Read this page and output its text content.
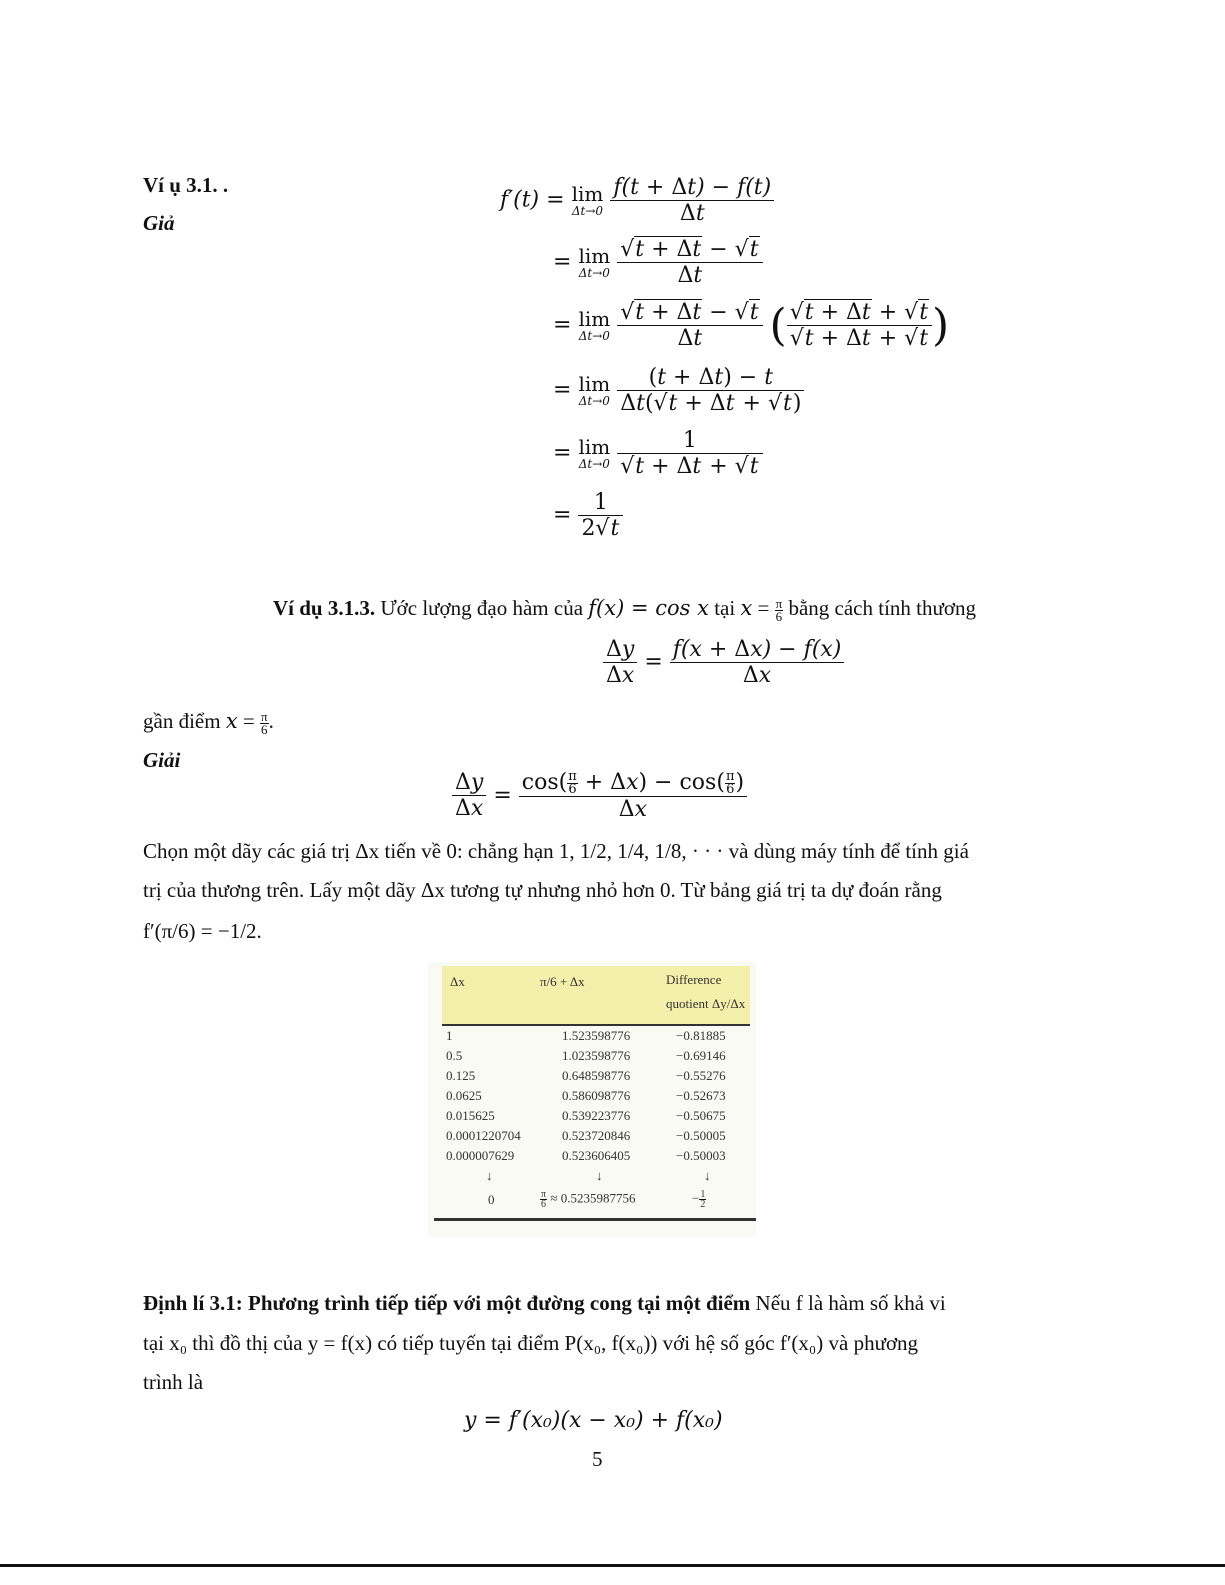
Ví ụ 3.1. .
Giả
f′(t) = lim
Δt→0
$\frac{f(t + \Delta t) - f(t)}{\Delta t}$
= lim
Δt→0
$\frac{√t + \Delta t - √t}{\Delta t}$
= lim
Δt→0
$\frac{√t + \Delta t - √t}{\Delta t}$ ( $\frac{√t + \Delta t + √t}{√t + \Delta t + √t}$ )
= lim
Δt→0
$\frac{(t + \Delta t) - t}{\Delta t(√t + \Delta t + √t)}$
= lim
Δt→0
$\frac{1}{√t + \Delta t + √t}$
= $\frac{1}{2√t}$
Ví dụ 3.1.3. Ước lượng đạo hàm của f(x) = cos x tại $x = \frac{\pi}{6}$ bằng cách tính thương
$\frac{\Delta y}{\Delta x} = \frac{f(x + \Delta x) - f(x)}{\Delta x}$
gần điểm $x = \frac{\pi}{6}$ .
Giải
$\frac{\Delta y}{\Delta x} = \frac{\cos( \frac{\pi}{6} + \Delta x) - \cos( \frac{\pi}{6} )}{\Delta x}$
Chọn một dãy các giá trị Δx tiến về 0: chẳng hạn 1, 1/2, 1/4, 1/8, · · · và dùng máy tính để tính giá
trị của thương trên. Lấy một dãy Δx tương tự nhưng nhỏ hơn 0. Từ bảng giá trị ta dự đoán rằng
f′(π/6) = −1/2.
Δx	π/6 + Δx	Difference
quotient Δy/Δx
1	1.523598776	−0.81885
0.5	1.023598776	−0.69146
0.125	0.648598776	−0.55276
0.0625	0.586098776	−0.52673
0.015625	0.539223776	−0.50675
0.0001220704	0.523720846	−0.50005
0.000007629	0.523606405	−0.50003
↓	↓	↓
0	$\frac{\pi}{6} \approx 0.5235987756$	− $\frac{1}{2}$
Định lí 3.1: Phương trình tiếp tiếp với một đường cong tại một điểm Nếu f là hàm số khả vi
tại x₀ thì đồ thị của y = f(x) có tiếp tuyến tại điểm P(x₀, f(x₀)) với hệ số góc f′(x₀) và phương
trình là
y = f′(x₀)(x − x₀) + f(x₀)
5
